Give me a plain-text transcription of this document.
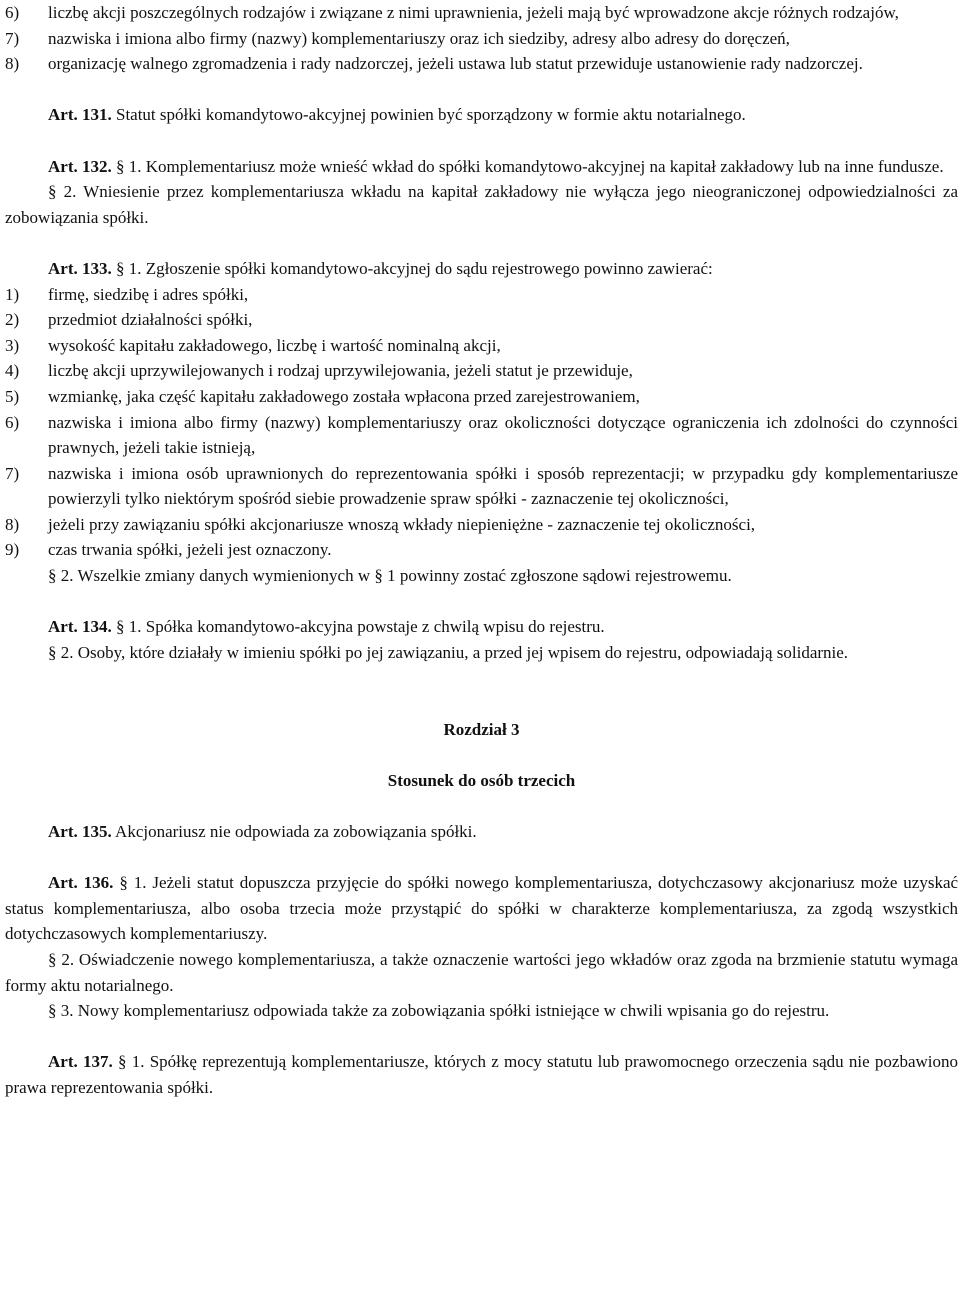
6)	liczbę akcji poszczególnych rodzajów i związane z nimi uprawnienia, jeżeli mają być wprowadzone akcje różnych rodzajów,
7)	nazwiska i imiona albo firmy (nazwy) komplementariuszy oraz ich siedziby, adresy albo adresy do doręczeń,
8)	organizację walnego zgromadzenia i rady nadzorczej, jeżeli ustawa lub statut przewiduje ustanowienie rady nadzorczej.

Art. 131. Statut spółki komandytowo-akcyjnej powinien być sporządzony w formie aktu notarialnego.

Art. 132. § 1. Komplementariusz może wnieść wkład do spółki komandytowo-akcyjnej na kapitał zakładowy lub na inne fundusze.

§ 2. Wniesienie przez komplementariusza wkładu na kapitał zakładowy nie wyłącza jego nieograniczonej odpowiedzialności za zobowiązania spółki.

Art. 133. § 1. Zgłoszenie spółki komandytowo-akcyjnej do sądu rejestrowego powinno zawierać:

1)	firmę, siedzibę i adres spółki,
2)	przedmiot działalności spółki,
3)	wysokość kapitału zakładowego, liczbę i wartość nominalną akcji,
4)	liczbę akcji uprzywilejowanych i rodzaj uprzywilejowania, jeżeli statut je przewiduje,
5)	wzmiankę, jaka część kapitału zakładowego została wpłacona przed zarejestrowaniem,
6)	nazwiska i imiona albo firmy (nazwy) komplementariuszy oraz okoliczności dotyczące ograniczenia ich zdolności do czynności prawnych, jeżeli takie istnieją,
7)	nazwiska i imiona osób uprawnionych do reprezentowania spółki i sposób reprezentacji; w przypadku gdy komplementariusze powierzyli tylko niektórym spośród siebie prowadzenie spraw spółki - zaznaczenie tej okoliczności,
8)	jeżeli przy zawiązaniu spółki akcjonariusze wnoszą wkłady niepieniężne - zaznaczenie tej okoliczności,
9)	czas trwania spółki, jeżeli jest oznaczony.

§ 2. Wszelkie zmiany danych wymienionych w § 1 powinny zostać zgłoszone sądowi rejestrowemu.

Art. 134. § 1. Spółka komandytowo-akcyjna powstaje z chwilą wpisu do rejestru.

§ 2. Osoby, które działały w imieniu spółki po jej zawiązaniu, a przed jej wpisem do rejestru, odpowiadają solidarnie.

Rozdział 3
Stosunek do osób trzecich

Art. 135. Akcjonariusz nie odpowiada za zobowiązania spółki.

Art. 136. § 1. Jeżeli statut dopuszcza przyjęcie do spółki nowego komplementariusza, dotychczasowy akcjonariusz może uzyskać status komplementariusza, albo osoba trzecia może przystąpić do spółki w charakterze komplementariusza, za zgodą wszystkich dotychczasowych komplementariuszy.

§ 2. Oświadczenie nowego komplementariusza, a także oznaczenie wartości jego wkładów oraz zgoda na brzmienie statutu wymaga formy aktu notarialnego.

§ 3. Nowy komplementariusz odpowiada także za zobowiązania spółki istniejące w chwili wpisania go do rejestru.

Art. 137. § 1. Spółkę reprezentują komplementariusze, których z mocy statutu lub prawomocnego orzeczenia sądu nie pozbawiono prawa reprezentowania spółki.
